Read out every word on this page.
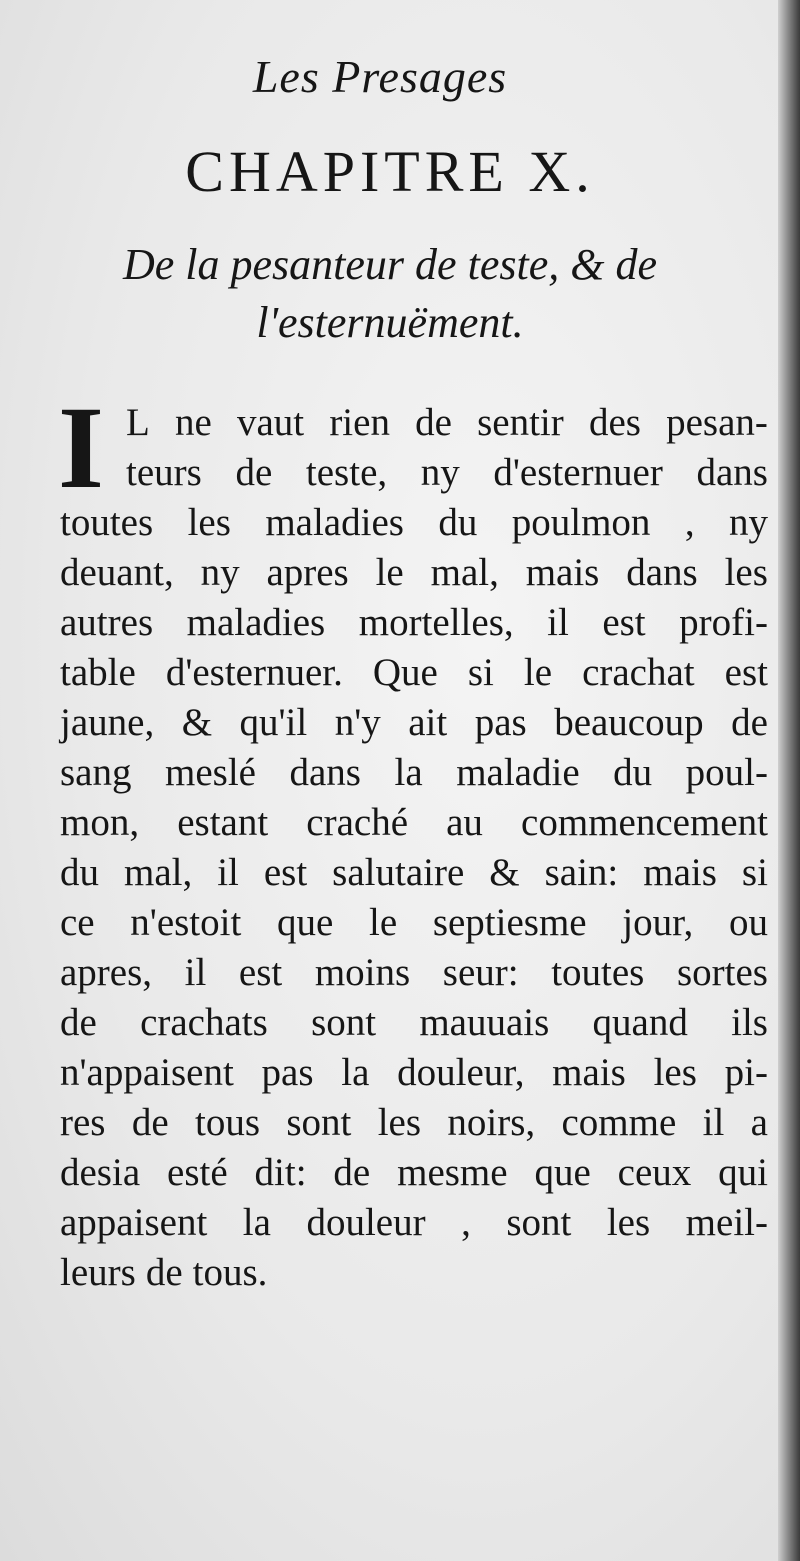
Les Presages
CHAPITRE X.
De la pesanteur de teste, & de
l'esternuëment.
I L ne vaut rien de sentir des pesan-
teurs de teste, ny d'esternuer dans
toutes les maladies du poulmon , ny
deuant, ny apres le mal, mais dans les
autres maladies mortelles, il est profi-
table d'esternuer. Que si le crachat est
jaune, & qu'il n'y ait pas beaucoup de
sang meslé dans la maladie du poul-
mon, estant craché au commencement
du mal, il est salutaire & sain: mais si
ce n'estoit que le septiesme jour, ou
apres, il est moins seur: toutes sortes
de crachats sont mauuais quand ils
n'appaisent pas la douleur, mais les pi-
res de tous sont les noirs, comme il a
desia esté dit: de mesme que ceux qui
appaisent la douleur , sont les meil-
leurs de tous.
